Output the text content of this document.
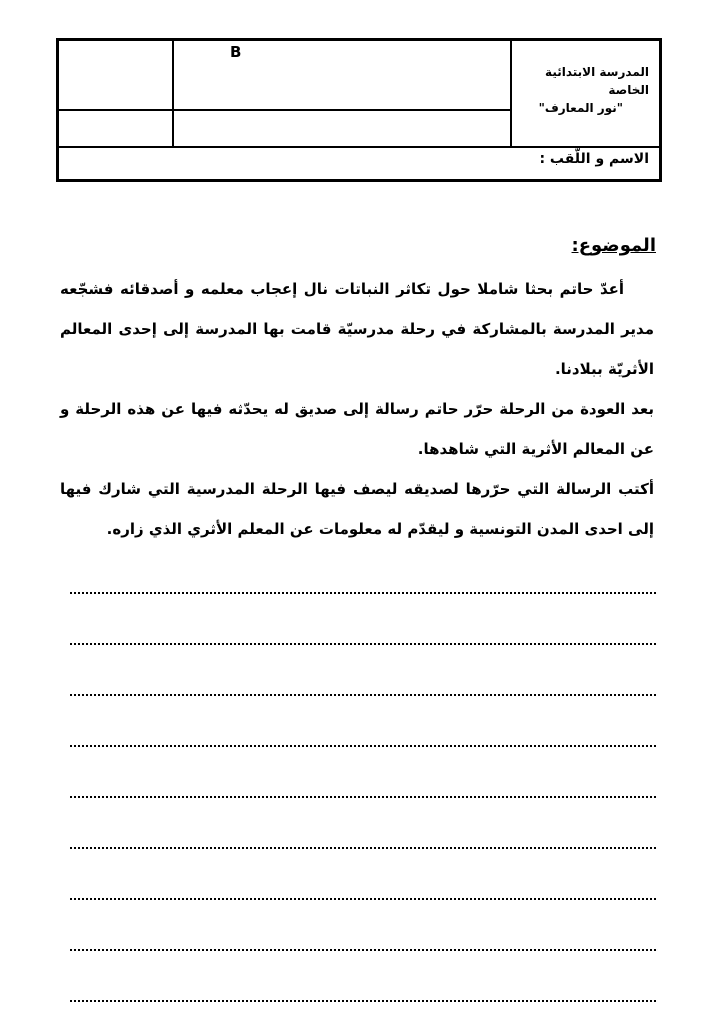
المدرسة الابتدائية الخاصة
"نور المعارف"
B
الاسم و اللّقب :
الموضوع:

أعدّ حاتم بحثا شاملا حول تكاثر النباتات نال إعجاب معلمه و أصدقائه فشجّعه مدير المدرسة بالمشاركة في رحلة مدرسيّة قامت بها المدرسة إلى إحدى المعالم الأثريّة ببلادنا.

بعد العودة من الرحلة حرّر حاتم رسالة إلى صديق له يحدّثه فيها عن هذه الرحلة و عن المعالم الأثرية التي شاهدها.

أكتب الرسالة التي حرّرها لصديقه ليصف فيها الرحلة المدرسية التي شارك فيها إلى احدى المدن التونسية و ليقدّم له معلومات عن المعلم الأثري الذي زاره.
